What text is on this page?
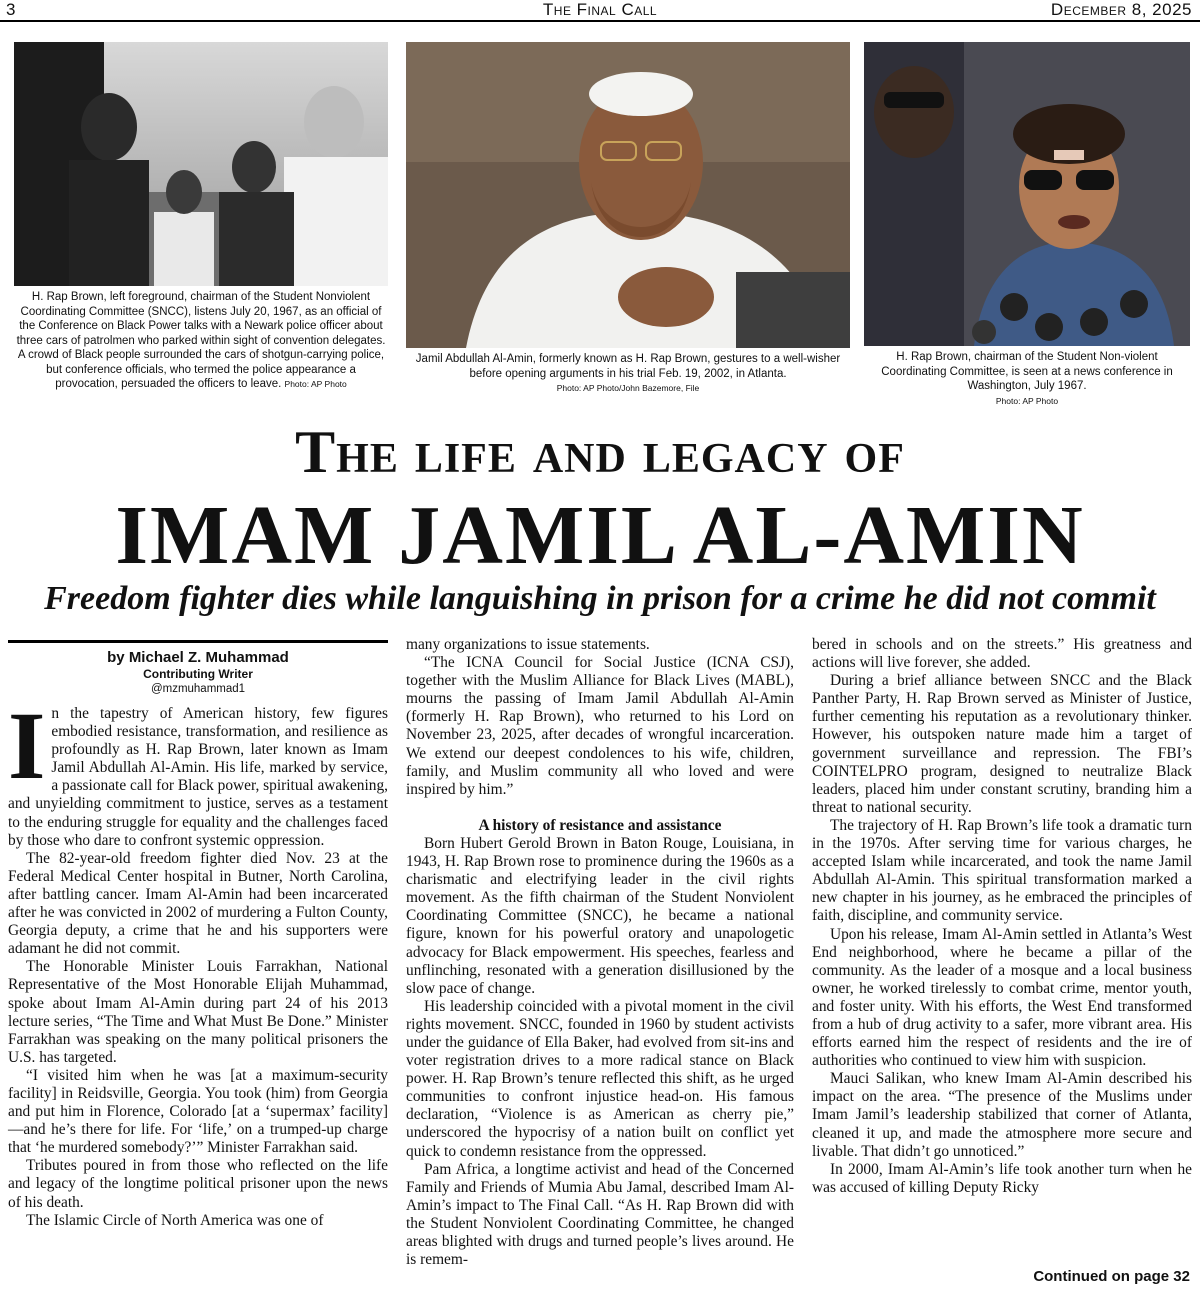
The Final Call
3	December 8, 2025
H. Rap Brown, left foreground, chairman of the Student Nonviolent Coordinating Committee (SNCC), listens July 20, 1967, as an official of the Conference on Black Power talks with a Newark police officer about three cars of patrolmen who parked within sight of convention delegates. A crowd of Black people surrounded the cars of shotgun-carrying police, but conference officials, who termed the police appearance a provocation, persuaded the officers to leave. Photo: AP Photo
Jamil Abdullah Al-Amin, formerly known as H. Rap Brown, gestures to a well-wisher before opening arguments in his trial Feb. 19, 2002, in Atlanta.
Photo: AP Photo/John Bazemore, File
H. Rap Brown, chairman of the Student Non-violent Coordinating Committee, is seen at a news conference in Washington, July 1967.
Photo: AP Photo
The life and legacy of
IMAM JAMIL AL-AMIN
Freedom fighter dies while languishing in prison for a crime he did not commit
by Michael Z. Muhammad
Contributing Writer
@mzmuhammad1
I n the tapestry of American history, few figures embodied resistance, transformation, and resilience as profoundly as H. Rap Brown, later known as Imam Jamil Abdullah Al-Amin. His life, marked by service, a passionate call for Black power, spiritual awakening, and unyielding commitment to justice, serves as a testament to the enduring struggle for equality and the challenges faced by those who dare to confront systemic oppression.

The 82-year-old freedom fighter died Nov. 23 at the Federal Medical Center hospital in Butner, North Carolina, after battling cancer. Imam Al-Amin had been incarcerated after he was convicted in 2002 of murdering a Fulton County, Georgia deputy, a crime that he and his supporters were adamant he did not commit.

The Honorable Minister Louis Farrakhan, National Representative of the Most Honorable Elijah Muhammad, spoke about Imam Al-Amin during part 24 of his 2013 lecture series, “The Time and What Must Be Done.” Minister Farrakhan was speaking on the many political prisoners the U.S. has targeted.

“I visited him when he was [at a maximum-security facility] in Reidsville, Georgia. You took (him) from Georgia and put him in Florence, Colorado [at a ‘supermax’ facility]—and he’s there for life. For ‘life,’ on a trumped-up charge that ‘he murdered somebody?’” Minister Farrakhan said.

Tributes poured in from those who reflected on the life and legacy of the longtime political prisoner upon the news of his death.

The Islamic Circle of North America was one of

many organizations to issue statements.

“The ICNA Council for Social Justice (ICNA CSJ), together with the Muslim Alliance for Black Lives (MABL), mourns the passing of Imam Jamil Abdullah Al-Amin (formerly H. Rap Brown), who returned to his Lord on November 23, 2025, after decades of wrongful incarceration. We extend our deepest condolences to his wife, children, family, and Muslim community all who loved and were inspired by him.”

A history of resistance and assistance

Born Hubert Gerold Brown in Baton Rouge, Louisiana, in 1943, H. Rap Brown rose to prominence during the 1960s as a charismatic and electrifying leader in the civil rights movement. As the fifth chairman of the Student Nonviolent Coordinating Committee (SNCC), he became a national figure, known for his powerful oratory and unapologetic advocacy for Black empowerment. His speeches, fearless and unflinching, resonated with a generation disillusioned by the slow pace of change.

His leadership coincided with a pivotal moment in the civil rights movement. SNCC, founded in 1960 by student activists under the guidance of Ella Baker, had evolved from sit-ins and voter registration drives to a more radical stance on Black power. H. Rap Brown’s tenure reflected this shift, as he urged communities to confront injustice head-on. His famous declaration, “Violence is as American as cherry pie,” underscored the hypocrisy of a nation built on conflict yet quick to condemn resistance from the oppressed.

Pam Africa, a longtime activist and head of the Concerned Family and Friends of Mumia Abu Jamal, described Imam Al-Amin’s impact to The Final Call. “As H. Rap Brown did with the Student Nonviolent Coordinating Committee, he changed areas blighted with drugs and turned people’s lives around. He is remem-

bered in schools and on the streets.” His greatness and actions will live forever, she added.

During a brief alliance between SNCC and the Black Panther Party, H. Rap Brown served as Minister of Justice, further cementing his reputation as a revolutionary thinker. However, his outspoken nature made him a target of government surveillance and repression. The FBI’s COINTELPRO program, designed to neutralize Black leaders, placed him under constant scrutiny, branding him a threat to national security.

The trajectory of H. Rap Brown’s life took a dramatic turn in the 1970s. After serving time for various charges, he accepted Islam while incarcerated, and took the name Jamil Abdullah Al-Amin. This spiritual transformation marked a new chapter in his journey, as he embraced the principles of faith, discipline, and community service.

Upon his release, Imam Al-Amin settled in Atlanta’s West End neighborhood, where he became a pillar of the community. As the leader of a mosque and a local business owner, he worked tirelessly to combat crime, mentor youth, and foster unity. With his efforts, the West End transformed from a hub of drug activity to a safer, more vibrant area. His efforts earned him the respect of residents and the ire of authorities who continued to view him with suspicion.

Mauci Salikan, who knew Imam Al-Amin described his impact on the area. “The presence of the Muslims under Imam Jamil’s leadership stabilized that corner of Atlanta, cleaned it up, and made the atmosphere more secure and livable. That didn’t go unnoticed.”

In 2000, Imam Al-Amin’s life took another turn when he was accused of killing Deputy Ricky

Continued on page 32
